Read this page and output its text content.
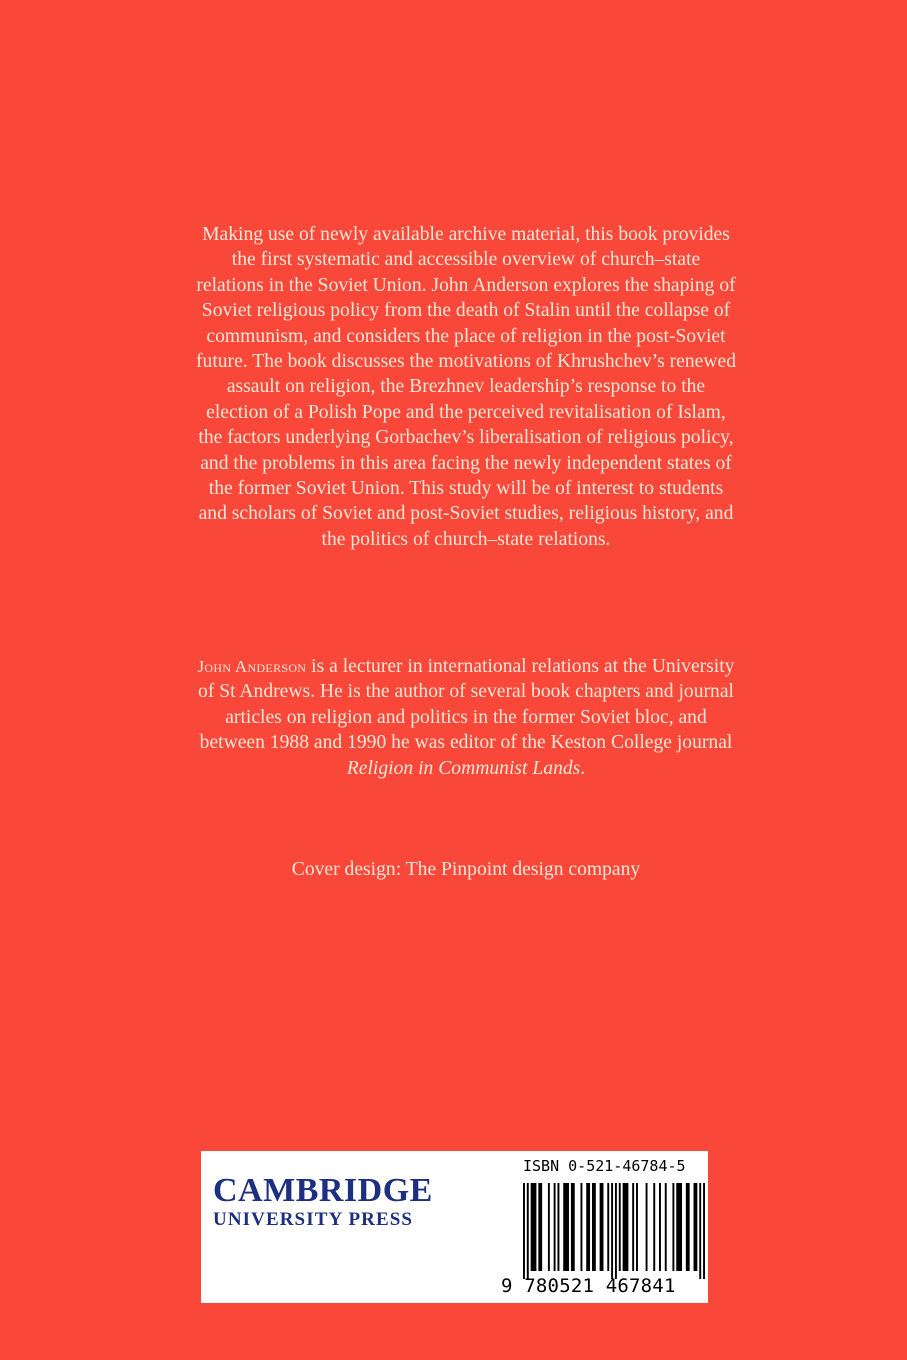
Making use of newly available archive material, this book provides the first systematic and accessible overview of church–state relations in the Soviet Union. John Anderson explores the shaping of Soviet religious policy from the death of Stalin until the collapse of communism, and considers the place of religion in the post-Soviet future. The book discusses the motivations of Khrushchev’s renewed assault on religion, the Brezhnev leadership’s response to the election of a Polish Pope and the perceived revitalisation of Islam, the factors underlying Gorbachev’s liberalisation of religious policy, and the problems in this area facing the newly independent states of the former Soviet Union. This study will be of interest to students and scholars of Soviet and post-Soviet studies, religious history, and the politics of church–state relations.

John Anderson is a lecturer in international relations at the University of St Andrews. He is the author of several book chapters and journal articles on religion and politics in the former Soviet bloc, and between 1988 and 1990 he was editor of the Keston College journal Religion in Communist Lands.

Cover design: The Pinpoint design company
CAMBRIDGE
UNIVERSITY PRESS
ISBN 0-521-46784-5
9 780521 467841
